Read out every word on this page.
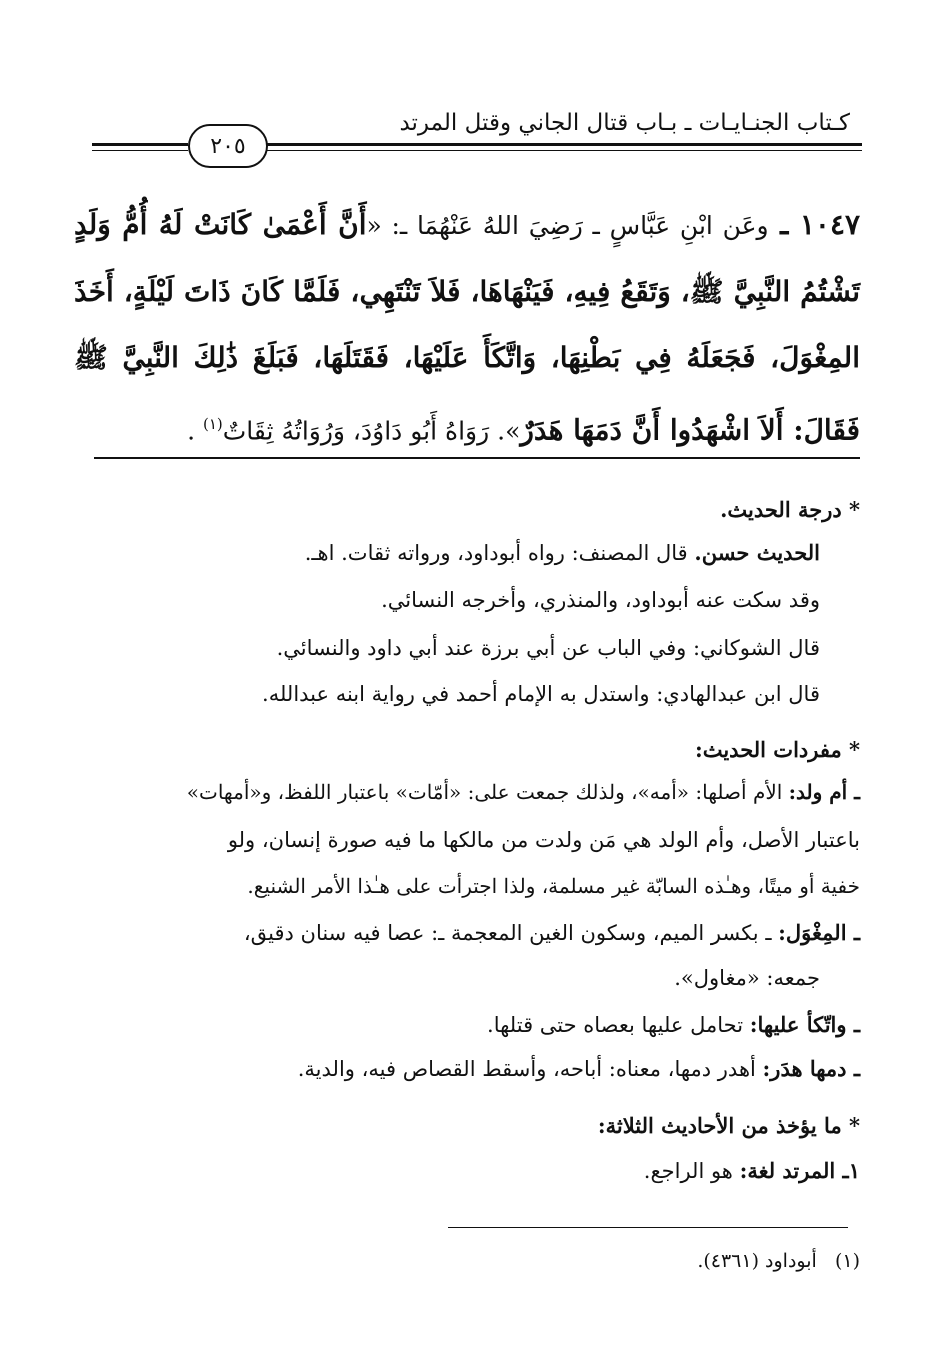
كـتاب الجنـايـات ـ بـاب قتال الجاني وقتل المرتد
٢٠٥
١٠٤٧ ـ وعَن ابْنِ عَبَّاسٍ ـ رَضِيَ اللهُ عَنْهُمَا ـ: «أَنَّ أَعْمَىٰ كَانَتْ لَهُ أُمُّ وَلَدٍ تَشْتُمُ النَّبِيَّ ﷺ، وَتَقَعُ فِيهِ، فَيَنْهَاهَا، فَلاَ تَنْتَهِي، فَلَمَّا كَانَ ذَاتَ لَيْلَةٍ، أَخَذَ المِغْوَلَ، فَجَعَلَهُ فِي بَطْنِهَا، وَاتَّكَأَ عَلَيْهَا، فَقَتَلَهَا، فَبَلَغَ ذَٰلِكَ النَّبِيَّ ﷺ فَقَالَ: أَلاَ اشْهَدُوا أَنَّ دَمَهَا هَدَرٌ». رَوَاهُ أَبُو دَاوُدَ، وَرُوَاتُهُ ثِقَاتٌ$^{(١)}$ .
* درجة الحديث.
الحديث حسن. قال المصنف: رواه أبوداود، ورواته ثقات. اهـ.
وقد سكت عنه أبوداود، والمنذري، وأخرجه النسائي.
قال الشوكاني: وفي الباب عن أبي برزة عند أبي داود والنسائي.
قال ابن عبدالهادي: واستدل به الإمام أحمد في رواية ابنه عبدالله.
* مفردات الحديث:
ـ أم ولد: الأم أصلها: «أمه»، ولذلك جمعت على: «أمّات» باعتبار اللفظ، و«أمهات»
باعتبار الأصل، وأم الولد هي مَن ولدت من مالكها ما فيه صورة إنسان، ولو
خفية أو ميتًا، وهـٰذه السابّة غير مسلمة، ولذا اجترأت على هـٰذا الأمر الشنيع.
ـ المِغْوَل: ـ بكسر الميم، وسكون الغين المعجمة ـ: عصا فيه سنان دقيق،
جمعه: «مغاول».
ـ واتّكأ عليها: تحامل عليها بعصاه حتى قتلها.
ـ دمها هدَر: أهدر دمها، معناه: أباحه، وأسقط القصاص فيه، والدية.
* ما يؤخذ من الأحاديث الثلاثة:
١ـ المرتد لغة: هو الراجع.
(١)   أبوداود (٤٣٦١).
